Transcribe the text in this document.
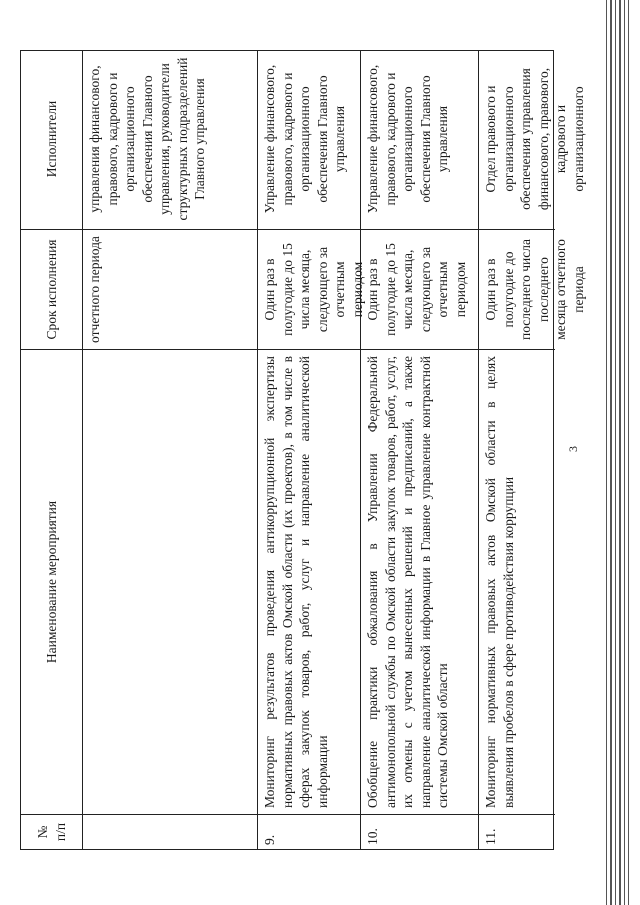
3
№ п/п
Наименование мероприятия
Срок исполнения
Исполнители
отчетного периода
управления финансового, правового, кадрового и организационного обеспечения Главного управления, руководители структурных подразделений Главного управления
9.
Мониторинг результатов проведения антикоррупционной экспертизы нормативных правовых актов Омской области (их проектов), в том числе в сферах закупок товаров, работ, услуг и направление аналитической информации
Один раз в полугодие до 15 числа месяца, следующего за отчетным периодом
Управление финансового, правового, кадрового и организационного обеспечения Главного управления
10.
Обобщение практики обжалования в Управлении Федеральной антимонопольной службы по Омской области закупок товаров, работ, услуг, их отмены с учетом вынесенных решений и предписаний, а также направление аналитической информации в Главное управление контрактной системы Омской области
Один раз в полугодие до 15 числа месяца, следующего за отчетным периодом
Управление финансового, правового, кадрового и организационного обеспечения Главного управления
11.
Мониторинг нормативных правовых актов Омской области в целях выявления пробелов в сфере противодействия коррупции
Один раз в полугодие до последнего числа последнего месяца отчетного периода
Отдел правового и организационного обеспечения управления финансового, правового, кадрового и организационного
